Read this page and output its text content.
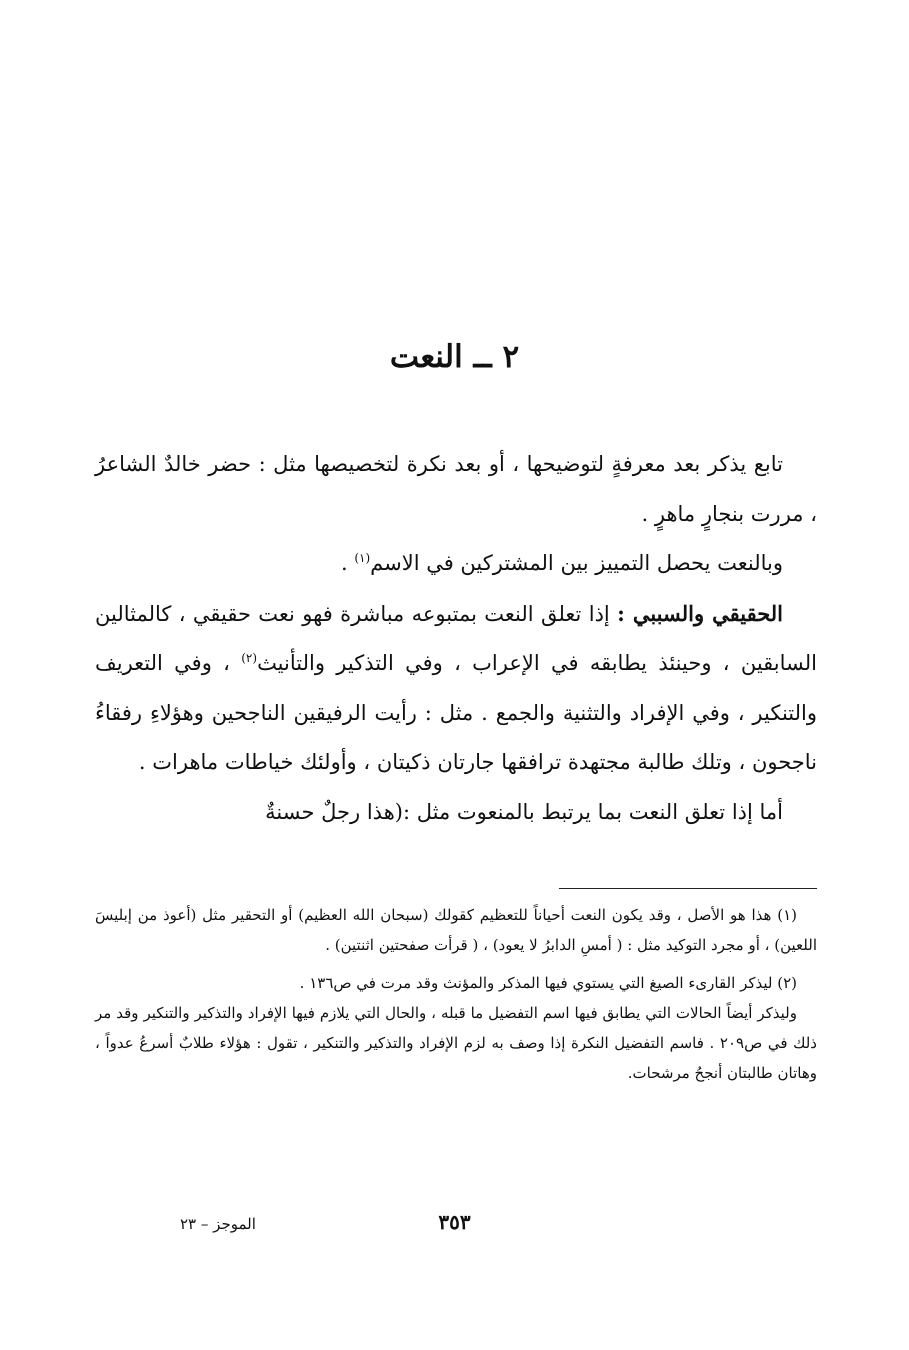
٢ ــ النعت

تابع يذكر بعد معرفةٍ لتوضيحها ، أو بعد نكرة لتخصيصها مثل : حضر خالدٌ الشاعرُ ، مررت بنجارٍ ماهرٍ .

وبالنعت يحصل التمييز بين المشتركين في الاسم$^{(١)}$ .

الحقيقي والسببي : إذا تعلق النعت بمتبوعه مباشرة فهو نعت حقيقي ، كالمثالين السابقين ، وحينئذ يطابقه في الإعراب ، وفي التذكير والتأنيث$^{(٢)}$ ، وفي التعريف والتنكير ، وفي الإفراد والتثنية والجمع . مثل : رأيت الرفيقين الناجحين وهؤلاءِ رفقاءُ ناجحون ، وتلك طالبة مجتهدة ترافقها جارتان ذكيتان ، وأولئك خياطات ماهرات .

أما إذا تعلق النعت بما يرتبط بالمنعوت مثل :(هذا رجلٌ حسنةٌ

(١) هذا هو الأصل ، وقد يكون النعت أحياناً للتعظيم كقولك (سبحان الله العظيم) أو التحقير مثل (أعوذ من إبليسَ اللعين) ، أو مجرد التوكيد مثل : ( أمسِ الدابرُ لا يعود) ، ( قرأت صفحتين اثنتين) .

(٢) ليذكر القارىء الصيغ التي يستوي فيها المذكر والمؤنث وقد مرت في ص١٣٦ .

وليذكر أيضاً الحالات التي يطابق فيها اسم التفضيل ما قبله ، والحال التي يلازم فيها الإفراد والتذكير والتنكير وقد مر ذلك في ص٢٠٩ . فاسم التفضيل النكرة إذا وصف به لزم الإفراد والتذكير والتنكير ، تقول : هؤلاء طلابٌ أسرعُ عدواً ، وهاتان طالبتان أنجحُ مرشحات.

٣٥٣
الموجز – ٢٣
